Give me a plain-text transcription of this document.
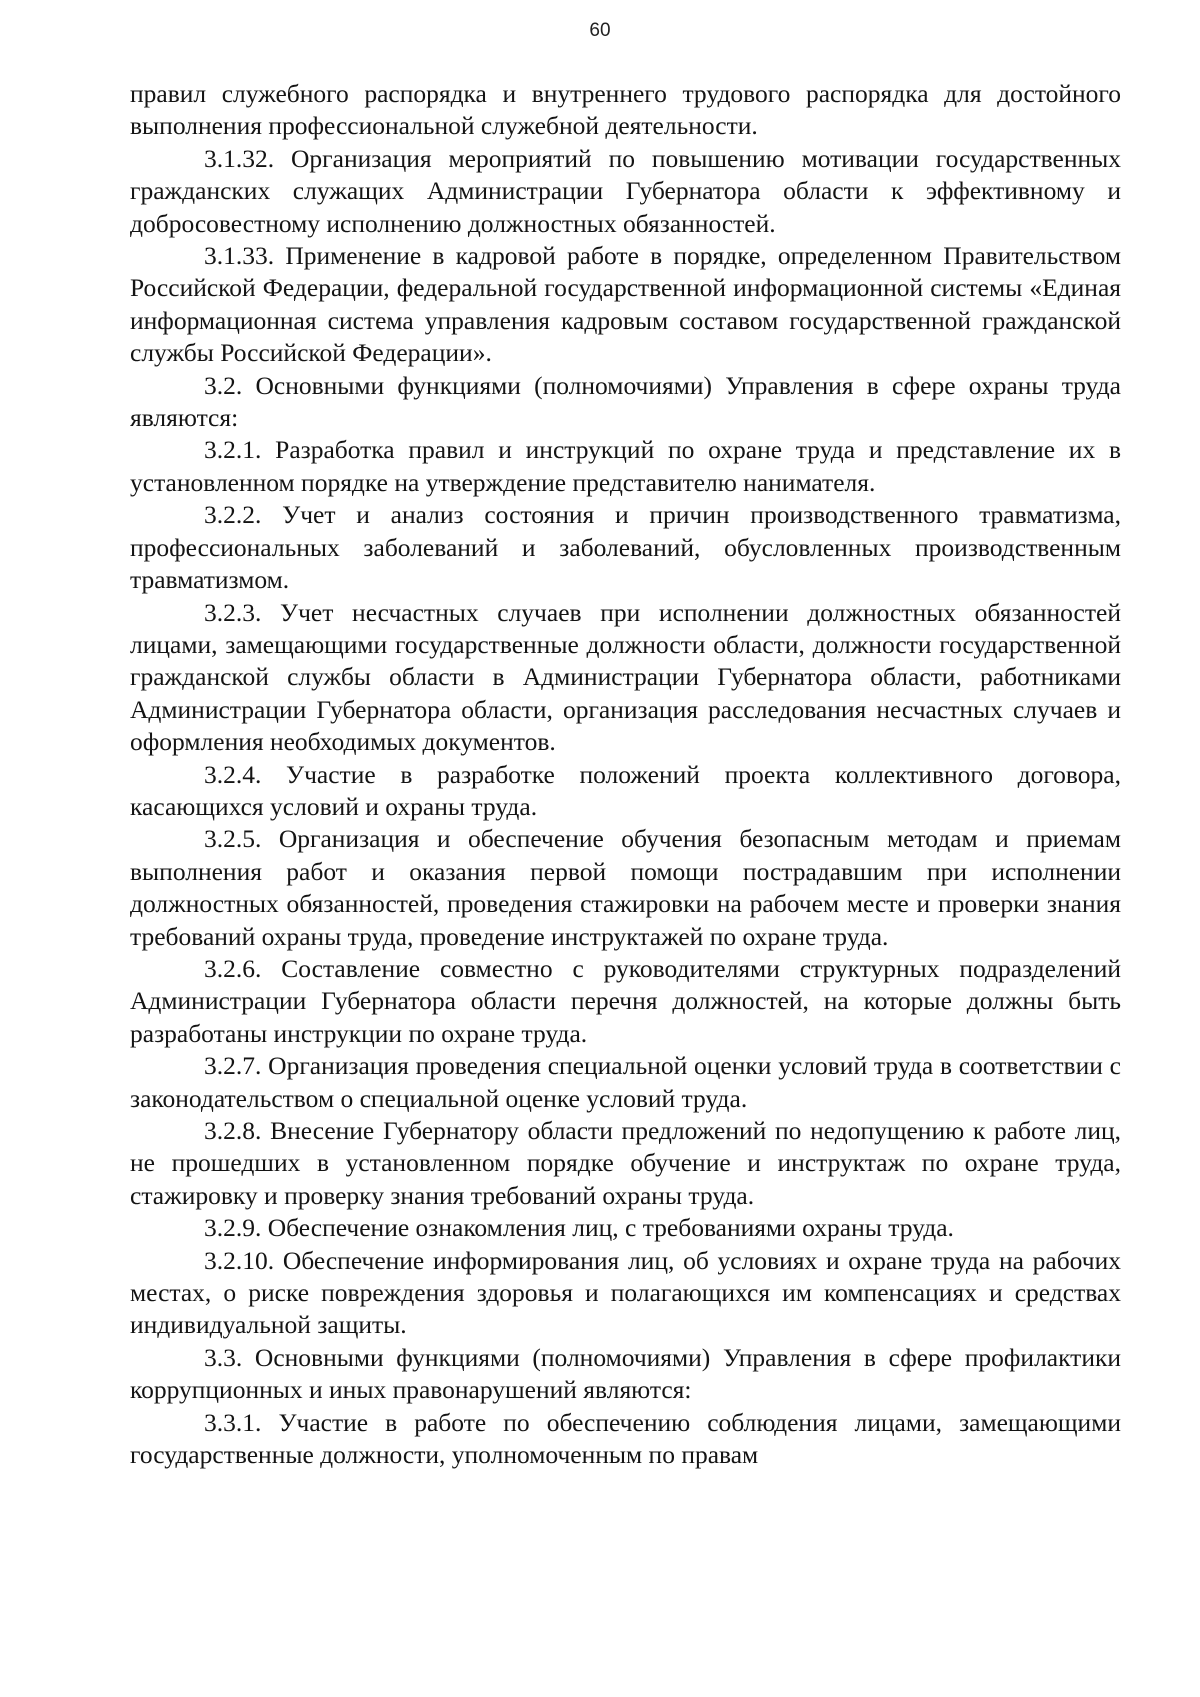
60

правил служебного распорядка и внутреннего трудового распорядка для достойного выполнения профессиональной служебной деятельности.

3.1.32. Организация мероприятий по повышению мотивации государственных гражданских служащих Администрации Губернатора области к эффективному и добросовестному исполнению должностных обязанностей.

3.1.33. Применение в кадровой работе в порядке, определенном Правительством Российской Федерации, федеральной государственной информационной системы «Единая информационная система управления кадровым составом государственной гражданской службы Российской Федерации».

3.2. Основными функциями (полномочиями) Управления в сфере охраны труда являются:

3.2.1. Разработка правил и инструкций по охране труда и представление их в установленном порядке на утверждение представителю нанимателя.

3.2.2. Учет и анализ состояния и причин производственного травматизма, профессиональных заболеваний и заболеваний, обусловленных производственным травматизмом.

3.2.3. Учет несчастных случаев при исполнении должностных обязанностей лицами, замещающими государственные должности области, должности государственной гражданской службы области в Администрации Губернатора области, работниками Администрации Губернатора области, организация расследования несчастных случаев и оформления необходимых документов.

3.2.4. Участие в разработке положений проекта коллективного договора, касающихся условий и охраны труда.

3.2.5. Организация и обеспечение обучения безопасным методам и приемам выполнения работ и оказания первой помощи пострадавшим при исполнении должностных обязанностей, проведения стажировки на рабочем месте и проверки знания требований охраны труда, проведение инструктажей по охране труда.

3.2.6. Составление совместно с руководителями структурных подразделений Администрации Губернатора области перечня должностей, на которые должны быть разработаны инструкции по охране труда.

3.2.7. Организация проведения специальной оценки условий труда в соответствии с законодательством о специальной оценке условий труда.

3.2.8. Внесение Губернатору области предложений по недопущению к работе лиц, не прошедших в установленном порядке обучение и инструктаж по охране труда, стажировку и проверку знания требований охраны труда.

3.2.9. Обеспечение ознакомления лиц, с требованиями охраны труда.

3.2.10. Обеспечение информирования лиц, об условиях и охране труда на рабочих местах, о риске повреждения здоровья и полагающихся им компенсациях и средствах индивидуальной защиты.

3.3. Основными функциями (полномочиями) Управления в сфере профилактики коррупционных и иных правонарушений являются:

3.3.1. Участие в работе по обеспечению соблюдения лицами, замещающими государственные должности, уполномоченным по правам
